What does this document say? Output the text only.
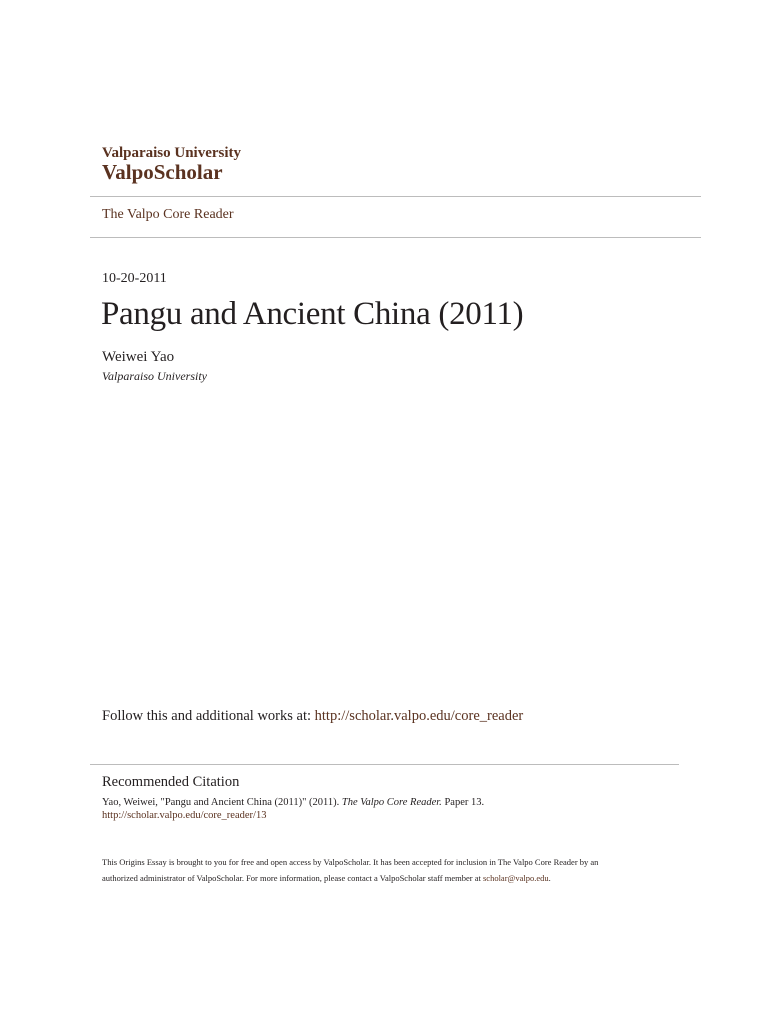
Valparaiso University
ValpoScholar
The Valpo Core Reader
10-20-2011
Pangu and Ancient China (2011)
Weiwei Yao
Valparaiso University
Follow this and additional works at: http://scholar.valpo.edu/core_reader
Recommended Citation
Yao, Weiwei, "Pangu and Ancient China (2011)" (2011). The Valpo Core Reader. Paper 13.
http://scholar.valpo.edu/core_reader/13
This Origins Essay is brought to you for free and open access by ValpoScholar. It has been accepted for inclusion in The Valpo Core Reader by an
authorized administrator of ValpoScholar. For more information, please contact a ValpoScholar staff member at scholar@valpo.edu.
